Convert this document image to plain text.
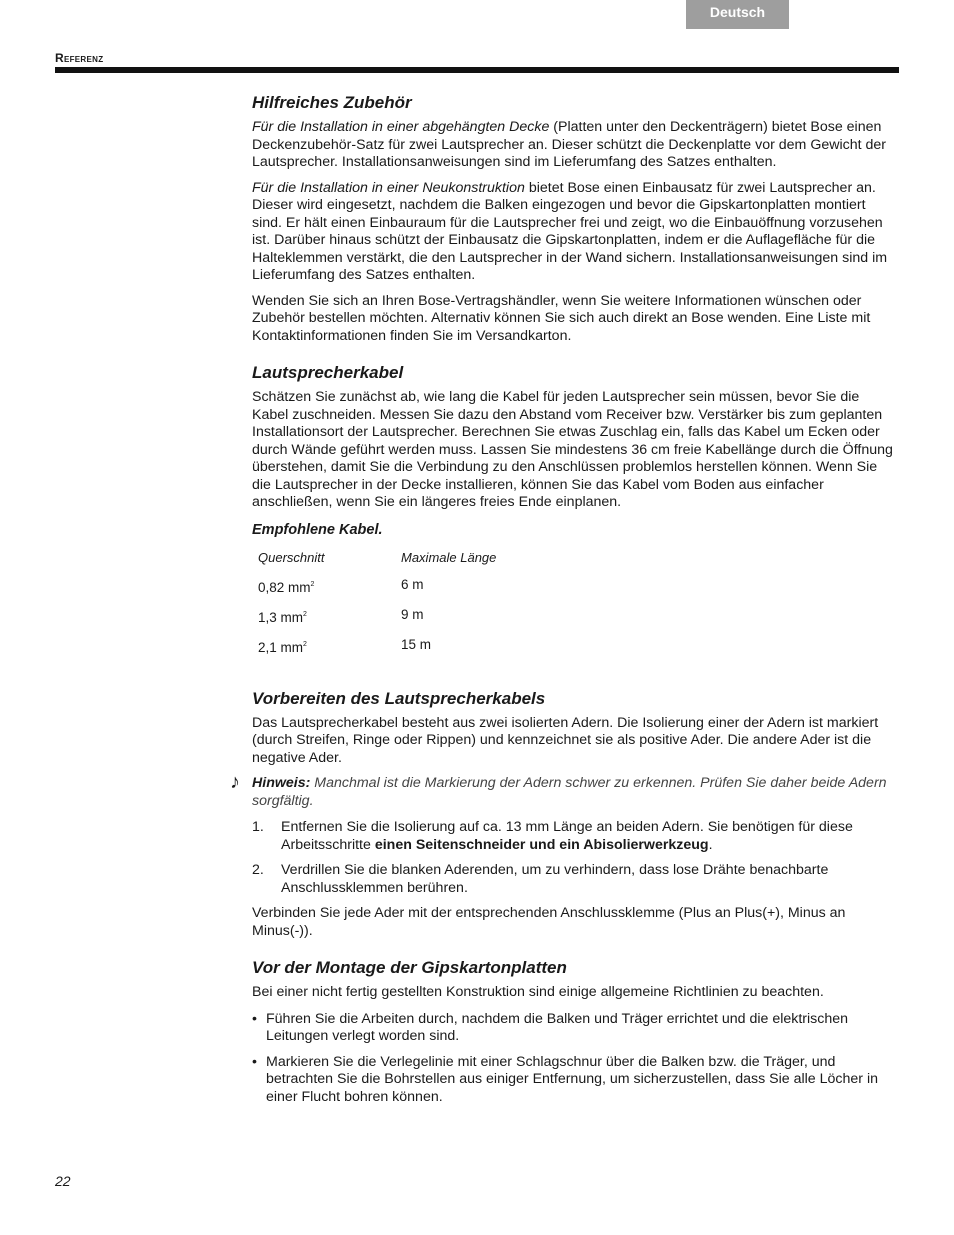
Deutsch
Referenz
Hilfreiches Zubehör

Für die Installation in einer abgehängten Decke (Platten unter den Deckenträgern) bietet Bose einen Deckenzubehör-Satz für zwei Lautsprecher an. Dieser schützt die Deckenplatte vor dem Gewicht der Lautsprecher. Installationsanweisungen sind im Lieferumfang des Satzes enthalten.

Für die Installation in einer Neukonstruktion bietet Bose einen Einbausatz für zwei Lautsprecher an. Dieser wird eingesetzt, nachdem die Balken eingezogen und bevor die Gipskartonplatten montiert sind. Er hält einen Einbauraum für die Lautsprecher frei und zeigt, wo die Einbauöffnung vorzusehen ist. Darüber hinaus schützt der Einbausatz die Gipskartonplatten, indem er die Auflagefläche für die Halteklemmen verstärkt, die den Lautsprecher in der Wand sichern. Installationsanweisungen sind im Lieferumfang des Satzes enthalten.

Wenden Sie sich an Ihren Bose-Vertragshändler, wenn Sie weitere Informationen wünschen oder Zubehör bestellen möchten. Alternativ können Sie sich auch direkt an Bose wenden. Eine Liste mit Kontaktinformationen finden Sie im Versandkarton.

Lautsprecherkabel

Schätzen Sie zunächst ab, wie lang die Kabel für jeden Lautsprecher sein müssen, bevor Sie die Kabel zuschneiden. Messen Sie dazu den Abstand vom Receiver bzw. Verstärker bis zum geplanten Installationsort der Lautsprecher. Berechnen Sie etwas Zuschlag ein, falls das Kabel um Ecken oder durch Wände geführt werden muss. Lassen Sie mindestens 36 cm freie Kabellänge durch die Öffnung überstehen, damit Sie die Verbindung zu den Anschlüssen problemlos herstellen können. Wenn Sie die Lautsprecher in der Decke installieren, können Sie das Kabel vom Boden aus einfacher anschließen, wenn Sie ein längeres freies Ende einplanen.

Empfohlene Kabel.
Querschnitt	Maximale Länge
0,82 $mm^2$	6 m
1,3 $mm^2$	9 m
2,1 $mm^2$	15 m
Vorbereiten des Lautsprecherkabels

Das Lautsprecherkabel besteht aus zwei isolierten Adern. Die Isolierung einer der Adern ist markiert (durch Streifen, Ringe oder Rippen) und kennzeichnet sie als positive Ader. Die andere Ader ist die negative Ader.

♪ Hinweis: Manchmal ist die Markierung der Adern schwer zu erkennen. Prüfen Sie daher beide Adern sorgfältig.
1. Entfernen Sie die Isolierung auf ca. 13 mm Länge an beiden Adern. Sie benötigen für diese Arbeitsschritte einen Seitenschneider und ein Abisolierwerkzeug.
2. Verdrillen Sie die blanken Aderenden, um zu verhindern, dass lose Drähte benachbarte Anschlussklemmen berühren.

Verbinden Sie jede Ader mit der entsprechenden Anschlussklemme (Plus an Plus(+), Minus an Minus(-)).

Vor der Montage der Gipskartonplatten

Bei einer nicht fertig gestellten Konstruktion sind einige allgemeine Richtlinien zu beachten.

• Führen Sie die Arbeiten durch, nachdem die Balken und Träger errichtet und die elektrischen Leitungen verlegt worden sind.
• Markieren Sie die Verlegelinie mit einer Schlagschnur über die Balken bzw. die Träger, und betrachten Sie die Bohrstellen aus einiger Entfernung, um sicherzustellen, dass Sie alle Löcher in einer Flucht bohren können.
22
